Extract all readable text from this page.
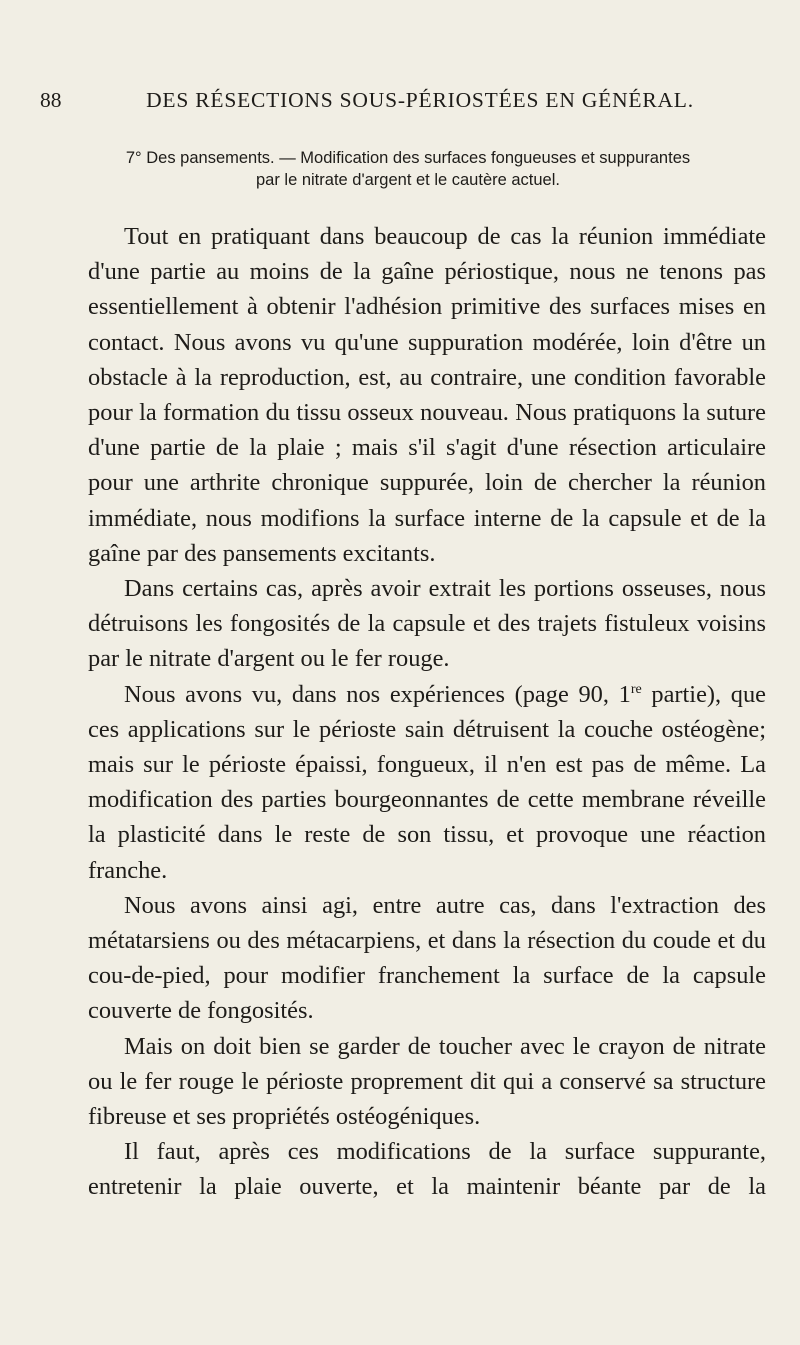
88	DES RÉSECTIONS SOUS-PÉRIOSTÉES EN GÉNÉRAL.

7° Des pansements. — Modification des surfaces fongueuses et suppurantes

par le nitrate d'argent et le cautère actuel.

Tout en pratiquant dans beaucoup de cas la réunion immédiate d'une partie au moins de la gaîne périostique, nous ne tenons pas essentiellement à obtenir l'adhésion primitive des surfaces mises en contact. Nous avons vu qu'une suppuration modérée, loin d'être un obstacle à la reproduction, est, au contraire, une condition favorable pour la formation du tissu osseux nouveau. Nous pratiquons la suture d'une partie de la plaie ; mais s'il s'agit d'une résection articulaire pour une arthrite chronique suppurée, loin de chercher la réunion immédiate, nous modifions la surface interne de la capsule et de la gaîne par des pansements excitants.

Dans certains cas, après avoir extrait les portions osseuses, nous détruisons les fongosités de la capsule et des trajets fistuleux voisins par le nitrate d'argent ou le fer rouge.

Nous avons vu, dans nos expériences (page 90, 1re partie), que ces applications sur le périoste sain détruisent la couche ostéogène; mais sur le périoste épaissi, fongueux, il n'en est pas de même. La modification des parties bourgeonnantes de cette membrane réveille la plasticité dans le reste de son tissu, et provoque une réaction franche.

Nous avons ainsi agi, entre autre cas, dans l'extraction des métatarsiens ou des métacarpiens, et dans la résection du coude et du cou-de-pied, pour modifier franchement la surface de la capsule couverte de fongosités.

Mais on doit bien se garder de toucher avec le crayon de nitrate ou le fer rouge le périoste proprement dit qui a conservé sa structure fibreuse et ses propriétés ostéogéniques.

Il faut, après ces modifications de la surface suppurante, entretenir la plaie ouverte, et la maintenir béante par de la
